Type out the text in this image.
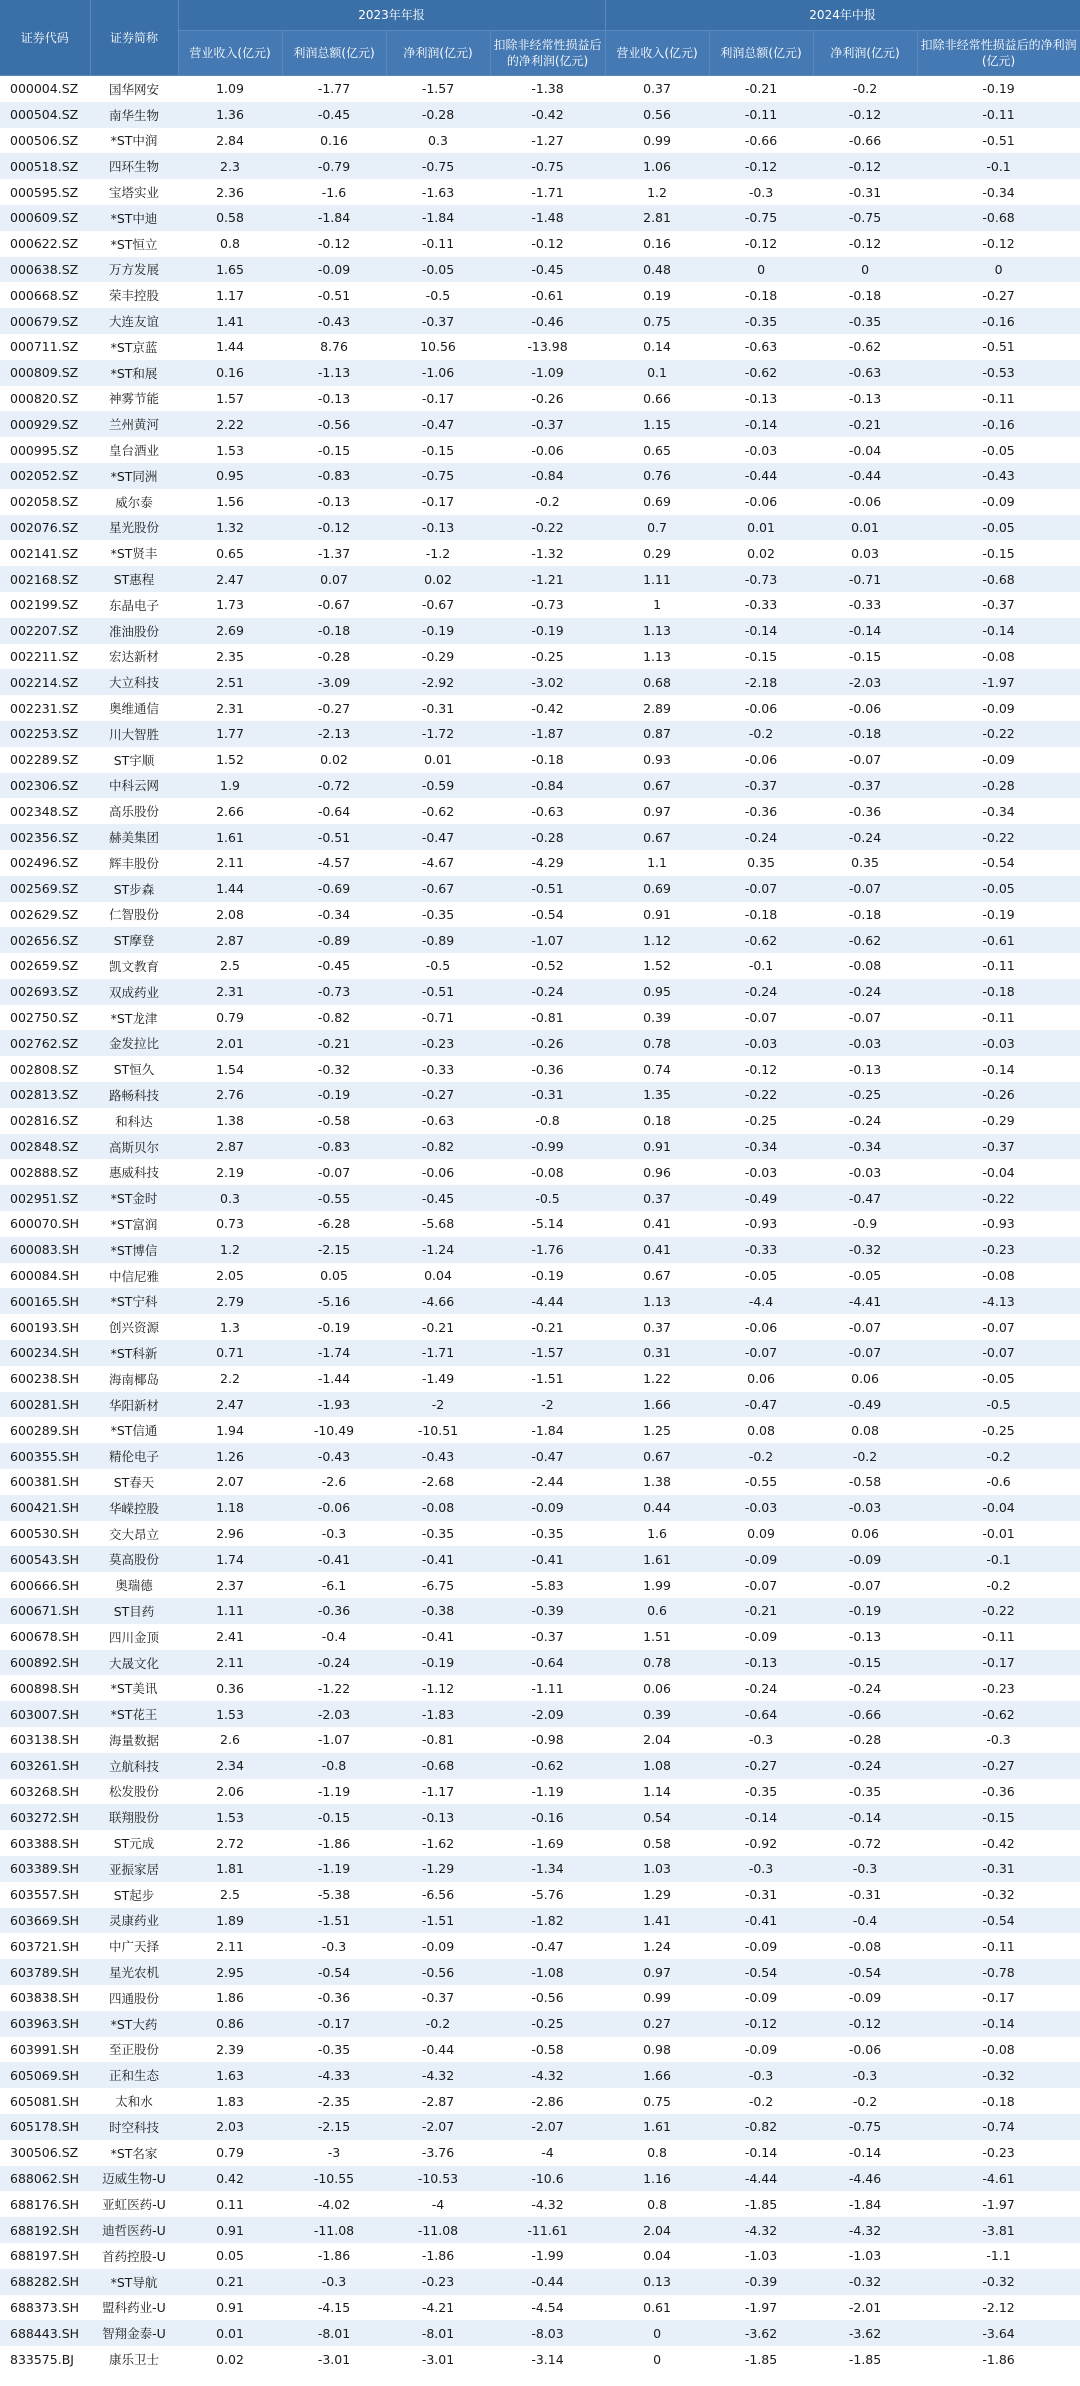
证券代码	证券简称	2023年年报				2024年中报			
		营业收入(亿元)	利润总额(亿元)	净利润(亿元)	扣除非经常性损益后的净利润(亿元)	营业收入(亿元)	利润总额(亿元)	净利润(亿元)	扣除非经常性损益后的净利润(亿元)
000004.SZ	国华网安	1.09	-1.77	-1.57	-1.38	0.37	-0.21	-0.2	-0.19
000504.SZ	南华生物	1.36	-0.45	-0.28	-0.42	0.56	-0.11	-0.12	-0.11
000506.SZ	*ST中润	2.84	0.16	0.3	-1.27	0.99	-0.66	-0.66	-0.51
000518.SZ	四环生物	2.3	-0.79	-0.75	-0.75	1.06	-0.12	-0.12	-0.1
000595.SZ	宝塔实业	2.36	-1.6	-1.63	-1.71	1.2	-0.3	-0.31	-0.34
000609.SZ	*ST中迪	0.58	-1.84	-1.84	-1.48	2.81	-0.75	-0.75	-0.68
000622.SZ	*ST恒立	0.8	-0.12	-0.11	-0.12	0.16	-0.12	-0.12	-0.12
000638.SZ	万方发展	1.65	-0.09	-0.05	-0.45	0.48	0	0	0
000668.SZ	荣丰控股	1.17	-0.51	-0.5	-0.61	0.19	-0.18	-0.18	-0.27
000679.SZ	大连友谊	1.41	-0.43	-0.37	-0.46	0.75	-0.35	-0.35	-0.16
000711.SZ	*ST京蓝	1.44	8.76	10.56	-13.98	0.14	-0.63	-0.62	-0.51
000809.SZ	*ST和展	0.16	-1.13	-1.06	-1.09	0.1	-0.62	-0.63	-0.53
000820.SZ	神雾节能	1.57	-0.13	-0.17	-0.26	0.66	-0.13	-0.13	-0.11
000929.SZ	兰州黄河	2.22	-0.56	-0.47	-0.37	1.15	-0.14	-0.21	-0.16
000995.SZ	皇台酒业	1.53	-0.15	-0.15	-0.06	0.65	-0.03	-0.04	-0.05
002052.SZ	*ST同洲	0.95	-0.83	-0.75	-0.84	0.76	-0.44	-0.44	-0.43
002058.SZ	威尔泰	1.56	-0.13	-0.17	-0.2	0.69	-0.06	-0.06	-0.09
002076.SZ	星光股份	1.32	-0.12	-0.13	-0.22	0.7	0.01	0.01	-0.05
002141.SZ	*ST贤丰	0.65	-1.37	-1.2	-1.32	0.29	0.02	0.03	-0.15
002168.SZ	ST惠程	2.47	0.07	0.02	-1.21	1.11	-0.73	-0.71	-0.68
002199.SZ	东晶电子	1.73	-0.67	-0.67	-0.73	1	-0.33	-0.33	-0.37
002207.SZ	准油股份	2.69	-0.18	-0.19	-0.19	1.13	-0.14	-0.14	-0.14
002211.SZ	宏达新材	2.35	-0.28	-0.29	-0.25	1.13	-0.15	-0.15	-0.08
002214.SZ	大立科技	2.51	-3.09	-2.92	-3.02	0.68	-2.18	-2.03	-1.97
002231.SZ	奥维通信	2.31	-0.27	-0.31	-0.42	2.89	-0.06	-0.06	-0.09
002253.SZ	川大智胜	1.77	-2.13	-1.72	-1.87	0.87	-0.2	-0.18	-0.22
002289.SZ	ST宇顺	1.52	0.02	0.01	-0.18	0.93	-0.06	-0.07	-0.09
002306.SZ	中科云网	1.9	-0.72	-0.59	-0.84	0.67	-0.37	-0.37	-0.28
002348.SZ	高乐股份	2.66	-0.64	-0.62	-0.63	0.97	-0.36	-0.36	-0.34
002356.SZ	赫美集团	1.61	-0.51	-0.47	-0.28	0.67	-0.24	-0.24	-0.22
002496.SZ	辉丰股份	2.11	-4.57	-4.67	-4.29	1.1	0.35	0.35	-0.54
002569.SZ	ST步森	1.44	-0.69	-0.67	-0.51	0.69	-0.07	-0.07	-0.05
002629.SZ	仁智股份	2.08	-0.34	-0.35	-0.54	0.91	-0.18	-0.18	-0.19
002656.SZ	ST摩登	2.87	-0.89	-0.89	-1.07	1.12	-0.62	-0.62	-0.61
002659.SZ	凯文教育	2.5	-0.45	-0.5	-0.52	1.52	-0.1	-0.08	-0.11
002693.SZ	双成药业	2.31	-0.73	-0.51	-0.24	0.95	-0.24	-0.24	-0.18
002750.SZ	*ST龙津	0.79	-0.82	-0.71	-0.81	0.39	-0.07	-0.07	-0.11
002762.SZ	金发拉比	2.01	-0.21	-0.23	-0.26	0.78	-0.03	-0.03	-0.03
002808.SZ	ST恒久	1.54	-0.32	-0.33	-0.36	0.74	-0.12	-0.13	-0.14
002813.SZ	路畅科技	2.76	-0.19	-0.27	-0.31	1.35	-0.22	-0.25	-0.26
002816.SZ	和科达	1.38	-0.58	-0.63	-0.8	0.18	-0.25	-0.24	-0.29
002848.SZ	高斯贝尔	2.87	-0.83	-0.82	-0.99	0.91	-0.34	-0.34	-0.37
002888.SZ	惠威科技	2.19	-0.07	-0.06	-0.08	0.96	-0.03	-0.03	-0.04
002951.SZ	*ST金时	0.3	-0.55	-0.45	-0.5	0.37	-0.49	-0.47	-0.22
600070.SH	*ST富润	0.73	-6.28	-5.68	-5.14	0.41	-0.93	-0.9	-0.93
600083.SH	*ST博信	1.2	-2.15	-1.24	-1.76	0.41	-0.33	-0.32	-0.23
600084.SH	中信尼雅	2.05	0.05	0.04	-0.19	0.67	-0.05	-0.05	-0.08
600165.SH	*ST宁科	2.79	-5.16	-4.66	-4.44	1.13	-4.4	-4.41	-4.13
600193.SH	创兴资源	1.3	-0.19	-0.21	-0.21	0.37	-0.06	-0.07	-0.07
600234.SH	*ST科新	0.71	-1.74	-1.71	-1.57	0.31	-0.07	-0.07	-0.07
600238.SH	海南椰岛	2.2	-1.44	-1.49	-1.51	1.22	0.06	0.06	-0.05
600281.SH	华阳新材	2.47	-1.93	-2	-2	1.66	-0.47	-0.49	-0.5
600289.SH	*ST信通	1.94	-10.49	-10.51	-1.84	1.25	0.08	0.08	-0.25
600355.SH	精伦电子	1.26	-0.43	-0.43	-0.47	0.67	-0.2	-0.2	-0.2
600381.SH	ST春天	2.07	-2.6	-2.68	-2.44	1.38	-0.55	-0.58	-0.6
600421.SH	华嵘控股	1.18	-0.06	-0.08	-0.09	0.44	-0.03	-0.03	-0.04
600530.SH	交大昂立	2.96	-0.3	-0.35	-0.35	1.6	0.09	0.06	-0.01
600543.SH	莫高股份	1.74	-0.41	-0.41	-0.41	1.61	-0.09	-0.09	-0.1
600666.SH	奥瑞德	2.37	-6.1	-6.75	-5.83	1.99	-0.07	-0.07	-0.2
600671.SH	ST目药	1.11	-0.36	-0.38	-0.39	0.6	-0.21	-0.19	-0.22
600678.SH	四川金顶	2.41	-0.4	-0.41	-0.37	1.51	-0.09	-0.13	-0.11
600892.SH	大晟文化	2.11	-0.24	-0.19	-0.64	0.78	-0.13	-0.15	-0.17
600898.SH	*ST美讯	0.36	-1.22	-1.12	-1.11	0.06	-0.24	-0.24	-0.23
603007.SH	*ST花王	1.53	-2.03	-1.83	-2.09	0.39	-0.64	-0.66	-0.62
603138.SH	海量数据	2.6	-1.07	-0.81	-0.98	2.04	-0.3	-0.28	-0.3
603261.SH	立航科技	2.34	-0.8	-0.68	-0.62	1.08	-0.27	-0.24	-0.27
603268.SH	松发股份	2.06	-1.19	-1.17	-1.19	1.14	-0.35	-0.35	-0.36
603272.SH	联翔股份	1.53	-0.15	-0.13	-0.16	0.54	-0.14	-0.14	-0.15
603388.SH	ST元成	2.72	-1.86	-1.62	-1.69	0.58	-0.92	-0.72	-0.42
603389.SH	亚振家居	1.81	-1.19	-1.29	-1.34	1.03	-0.3	-0.3	-0.31
603557.SH	ST起步	2.5	-5.38	-6.56	-5.76	1.29	-0.31	-0.31	-0.32
603669.SH	灵康药业	1.89	-1.51	-1.51	-1.82	1.41	-0.41	-0.4	-0.54
603721.SH	中广天择	2.11	-0.3	-0.09	-0.47	1.24	-0.09	-0.08	-0.11
603789.SH	星光农机	2.95	-0.54	-0.56	-1.08	0.97	-0.54	-0.54	-0.78
603838.SH	四通股份	1.86	-0.36	-0.37	-0.56	0.99	-0.09	-0.09	-0.17
603963.SH	*ST大药	0.86	-0.17	-0.2	-0.25	0.27	-0.12	-0.12	-0.14
603991.SH	至正股份	2.39	-0.35	-0.44	-0.58	0.98	-0.09	-0.06	-0.08
605069.SH	正和生态	1.63	-4.33	-4.32	-4.32	1.66	-0.3	-0.3	-0.32
605081.SH	太和水	1.83	-2.35	-2.87	-2.86	0.75	-0.2	-0.2	-0.18
605178.SH	时空科技	2.03	-2.15	-2.07	-2.07	1.61	-0.82	-0.75	-0.74
300506.SZ	*ST名家	0.79	-3	-3.76	-4	0.8	-0.14	-0.14	-0.23
688062.SH	迈威生物-U	0.42	-10.55	-10.53	-10.6	1.16	-4.44	-4.46	-4.61
688176.SH	亚虹医药-U	0.11	-4.02	-4	-4.32	0.8	-1.85	-1.84	-1.97
688192.SH	迪哲医药-U	0.91	-11.08	-11.08	-11.61	2.04	-4.32	-4.32	-3.81
688197.SH	首药控股-U	0.05	-1.86	-1.86	-1.99	0.04	-1.03	-1.03	-1.1
688282.SH	*ST导航	0.21	-0.3	-0.23	-0.44	0.13	-0.39	-0.32	-0.32
688373.SH	盟科药业-U	0.91	-4.15	-4.21	-4.54	0.61	-1.97	-2.01	-2.12
688443.SH	智翔金泰-U	0.01	-8.01	-8.01	-8.03	0	-3.62	-3.62	-3.64
833575.BJ	康乐卫士	0.02	-3.01	-3.01	-3.14	0	-1.85	-1.85	-1.86
